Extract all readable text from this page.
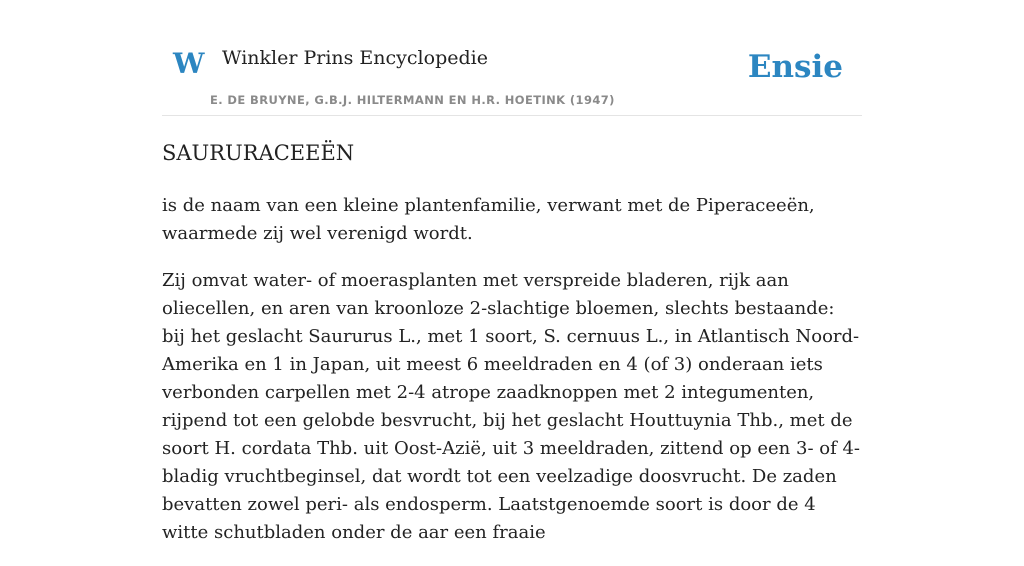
W Winkler Prins Encyclopedie
E. DE BRUYNE, G.B.J. HILTERMANN EN H.R. HOETINK (1947)
Ensie
SAURURACEEËN

is de naam van een kleine plantenfamilie, verwant met de Piperaceeën, waarmede zij wel verenigd wordt.

Zij omvat water- of moerasplanten met verspreide bladeren, rijk aan oliecellen, en aren van kroonloze 2-slachtige bloemen, slechts bestaande: bij het geslacht Saururus L., met 1 soort, S. cernuus L., in Atlantisch Noord-Amerika en 1 in Japan, uit meest 6 meeldraden en 4 (of 3) onderaan iets verbonden carpellen met 2-4 atrope zaadknoppen met 2 integumenten, rijpend tot een gelobde besvrucht, bij het geslacht Houttuynia Thb., met de soort H. cordata Thb. uit Oost-Azië, uit 3 meeldraden, zittend op een 3- of 4-bladig vruchtbeginsel, dat wordt tot een veelzadige doosvrucht. De zaden bevatten zowel peri- als endosperm. Laatstgenoemde soort is door de 4 witte schutbladen onder de aar een fraaie
